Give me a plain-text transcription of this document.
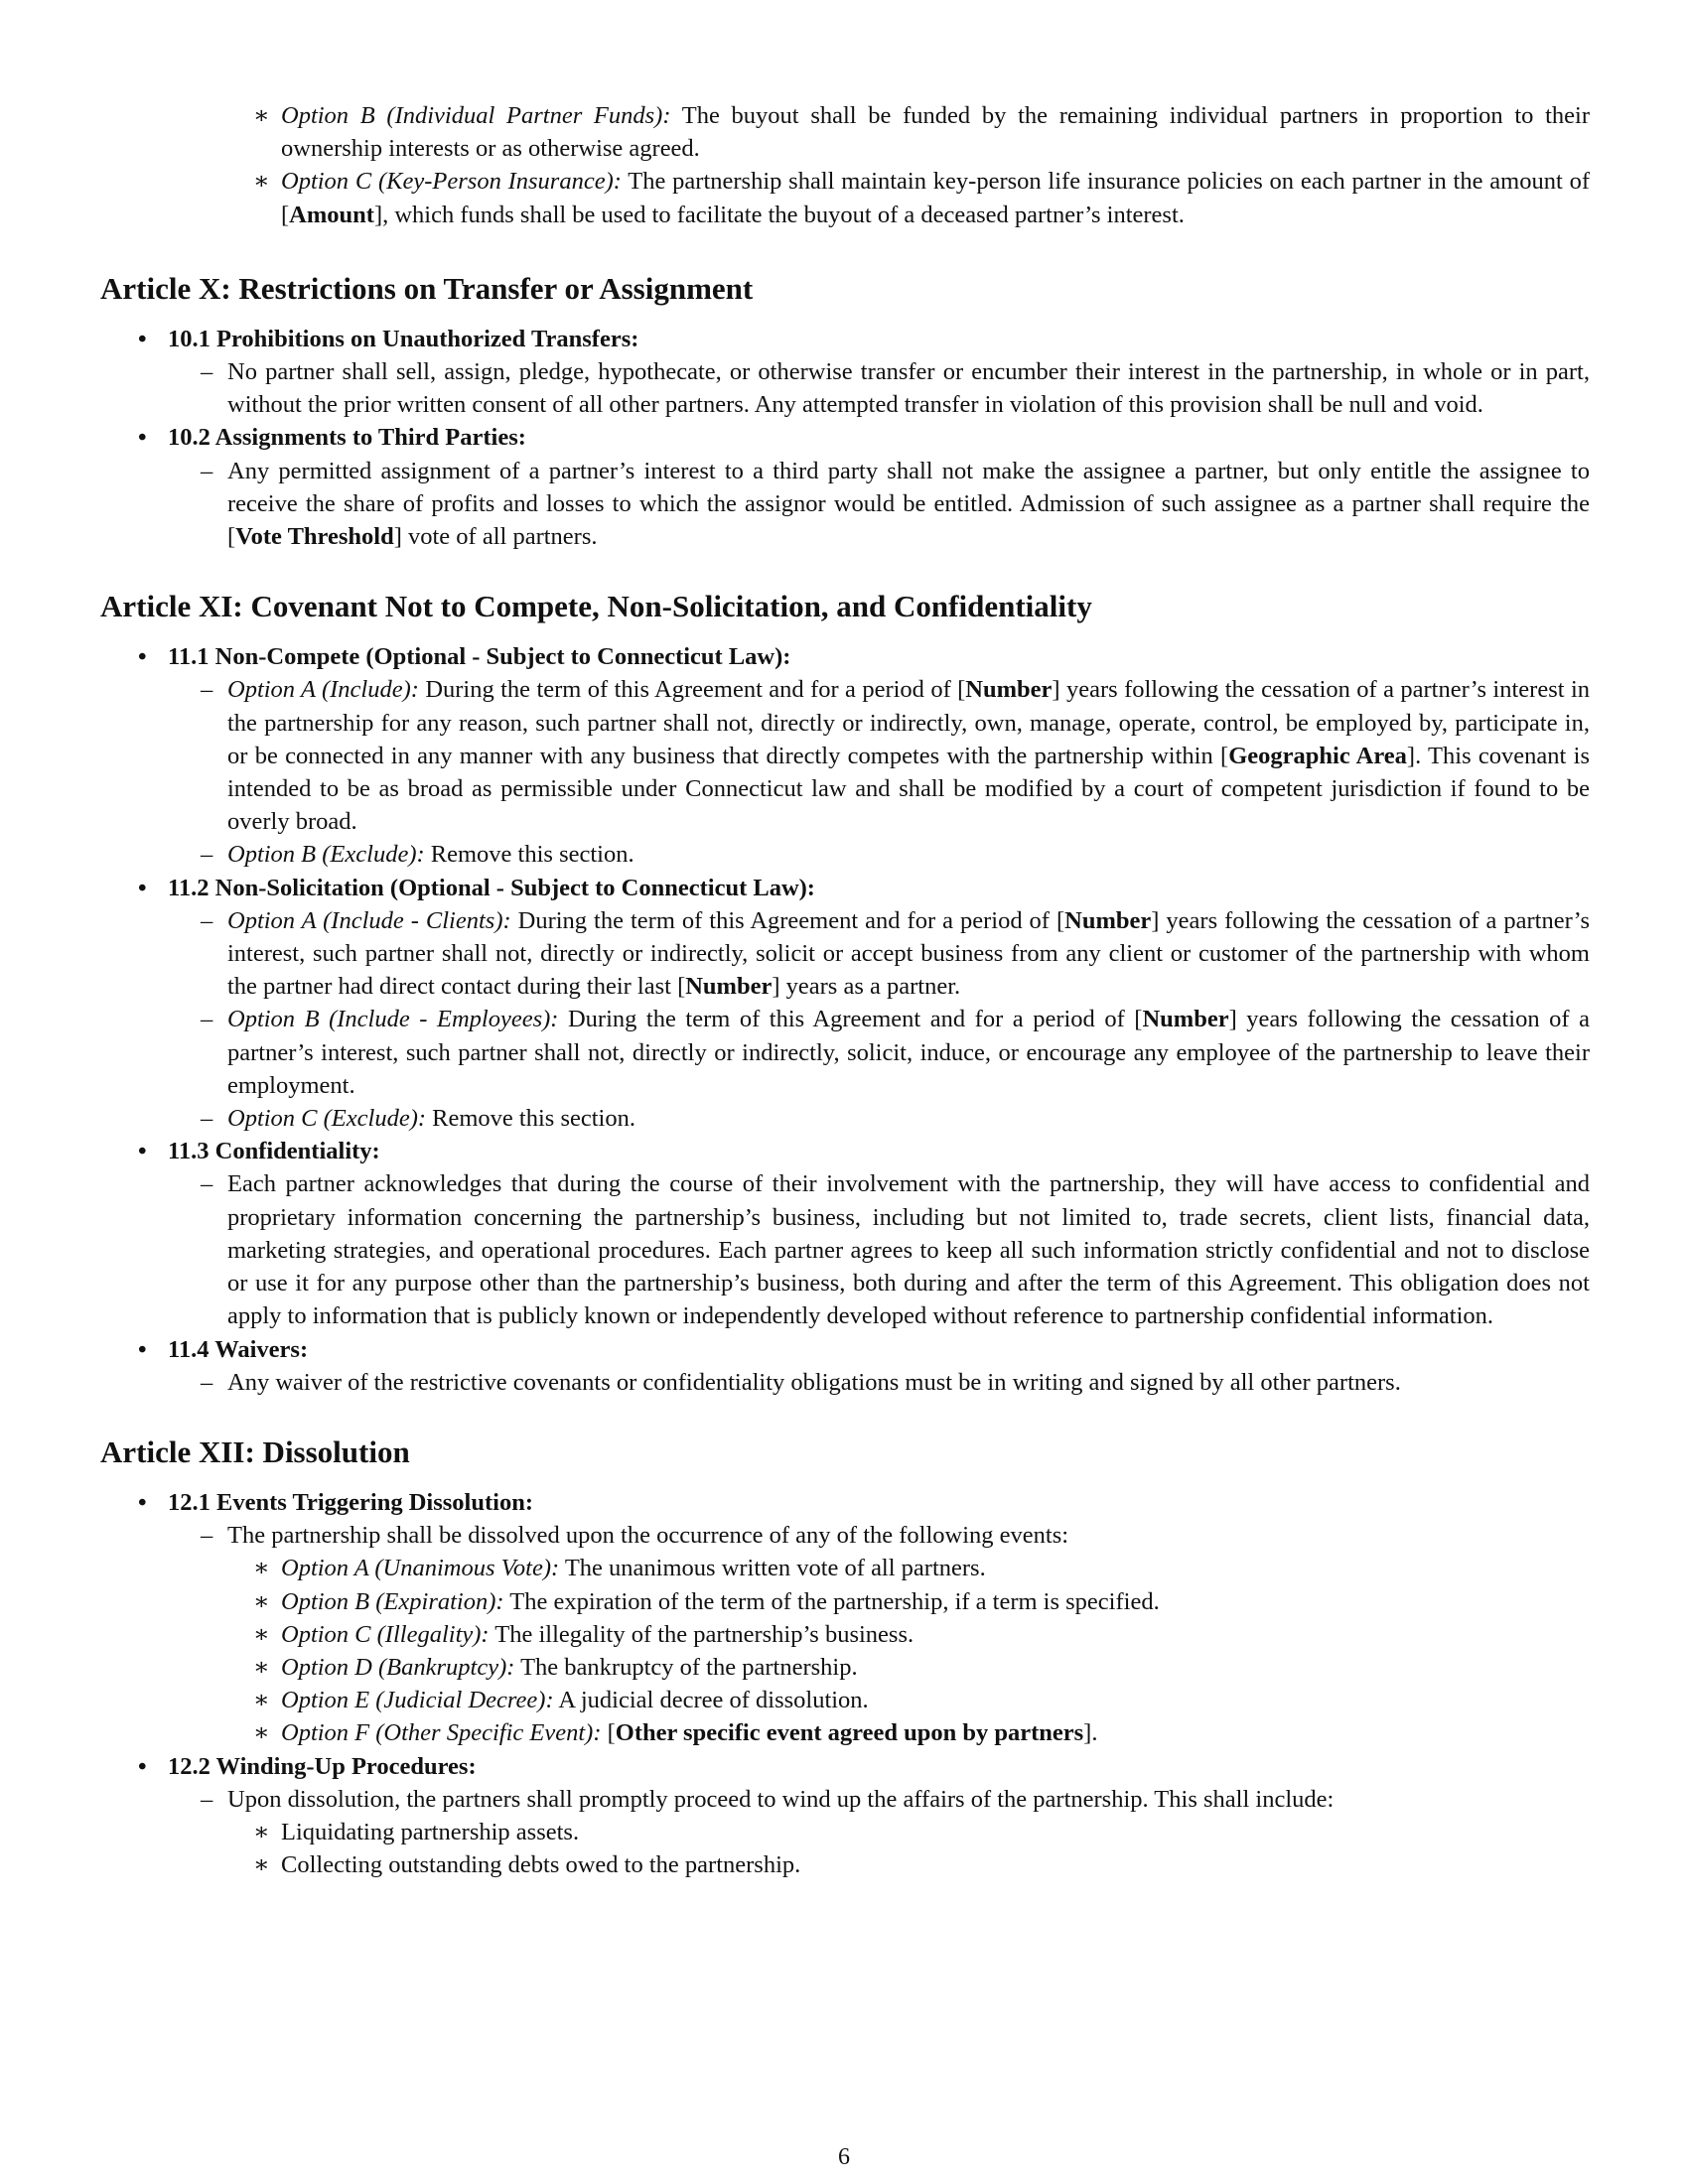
∗ Option B (Individual Partner Funds): The buyout shall be funded by the remaining individual partners in proportion to their ownership interests or as otherwise agreed.
∗ Option C (Key-Person Insurance): The partnership shall maintain key-person life insurance policies on each partner in the amount of [Amount], which funds shall be used to facilitate the buyout of a deceased partner’s interest.
Article X: Restrictions on Transfer or Assignment
• 10.1 Prohibitions on Unauthorized Transfers:
– No partner shall sell, assign, pledge, hypothecate, or otherwise transfer or encumber their interest in the partnership, in whole or in part, without the prior written consent of all other partners. Any attempted transfer in violation of this provision shall be null and void.
• 10.2 Assignments to Third Parties:
– Any permitted assignment of a partner’s interest to a third party shall not make the assignee a partner, but only entitle the assignee to receive the share of profits and losses to which the assignor would be entitled. Admission of such assignee as a partner shall require the [Vote Threshold] vote of all partners.
Article XI: Covenant Not to Compete, Non-Solicitation, and Confidentiality
• 11.1 Non-Compete (Optional - Subject to Connecticut Law):
– Option A (Include): During the term of this Agreement and for a period of [Number] years following the cessation of a partner’s interest in the partnership for any reason, such partner shall not, directly or indirectly, own, manage, operate, control, be employed by, participate in, or be connected in any manner with any business that directly competes with the partnership within [Geographic Area]. This covenant is intended to be as broad as permissible under Connecticut law and shall be modified by a court of competent jurisdiction if found to be overly broad.
– Option B (Exclude): Remove this section.
• 11.2 Non-Solicitation (Optional - Subject to Connecticut Law):
– Option A (Include - Clients): During the term of this Agreement and for a period of [Number] years following the cessation of a partner’s interest, such partner shall not, directly or indirectly, solicit or accept business from any client or customer of the partnership with whom the partner had direct contact during their last [Number] years as a partner.
– Option B (Include - Employees): During the term of this Agreement and for a period of [Number] years following the cessation of a partner’s interest, such partner shall not, directly or indirectly, solicit, induce, or encourage any employee of the partnership to leave their employment.
– Option C (Exclude): Remove this section.
• 11.3 Confidentiality:
– Each partner acknowledges that during the course of their involvement with the partnership, they will have access to confidential and proprietary information concerning the partnership’s business, including but not limited to, trade secrets, client lists, financial data, marketing strategies, and operational procedures. Each partner agrees to keep all such information strictly confidential and not to disclose or use it for any purpose other than the partnership’s business, both during and after the term of this Agreement. This obligation does not apply to information that is publicly known or independently developed without reference to partnership confidential information.
• 11.4 Waivers:
– Any waiver of the restrictive covenants or confidentiality obligations must be in writing and signed by all other partners.
Article XII: Dissolution
• 12.1 Events Triggering Dissolution:
– The partnership shall be dissolved upon the occurrence of any of the following events:
∗ Option A (Unanimous Vote): The unanimous written vote of all partners.
∗ Option B (Expiration): The expiration of the term of the partnership, if a term is specified.
∗ Option C (Illegality): The illegality of the partnership’s business.
∗ Option D (Bankruptcy): The bankruptcy of the partnership.
∗ Option E (Judicial Decree): A judicial decree of dissolution.
∗ Option F (Other Specific Event): [Other specific event agreed upon by partners].
• 12.2 Winding-Up Procedures:
– Upon dissolution, the partners shall promptly proceed to wind up the affairs of the partnership. This shall include:
∗ Liquidating partnership assets.
∗ Collecting outstanding debts owed to the partnership.
6
